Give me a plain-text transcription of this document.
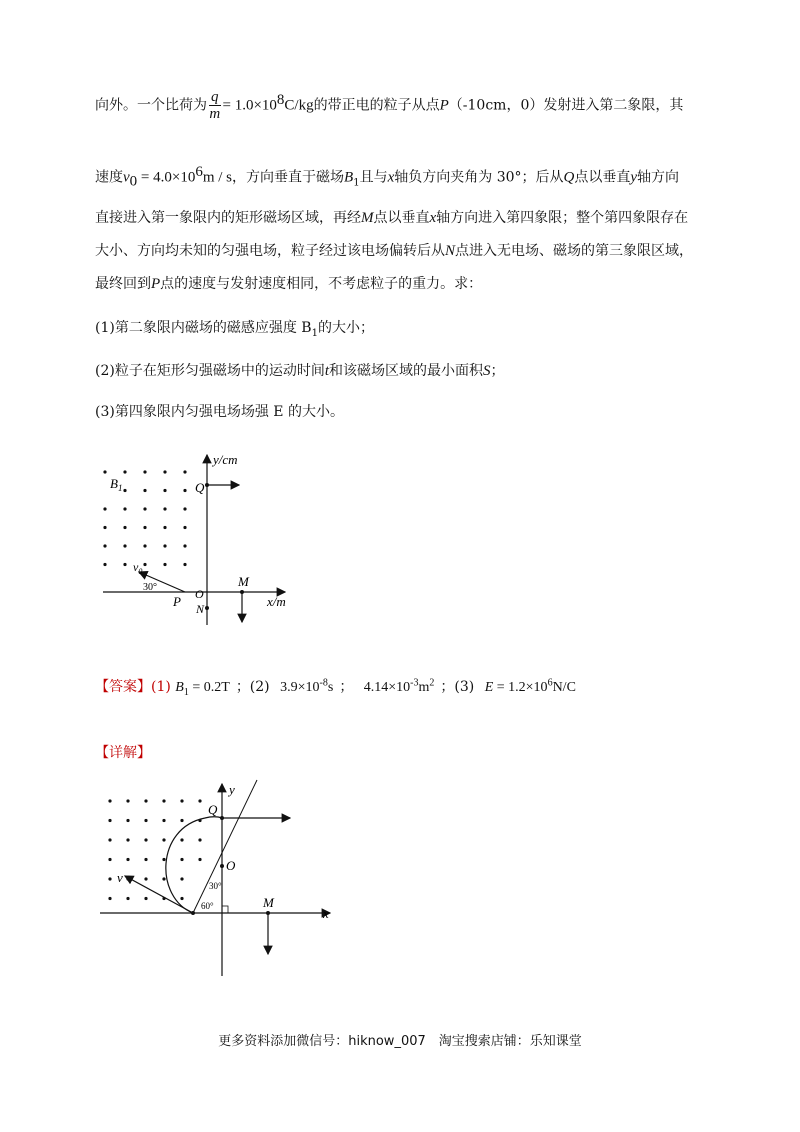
向外。一个比荷为 $\frac{q}{m} = 1.0\times 10^8C/kg$的带正电的粒子从点P（-10cm，0）发射进入第二象限，其
速度$v_0 = 4.0\times 10^6m / s$，方向垂直于磁场$B_1$且与x轴负方向夹角为 30°；后从Q点以垂直y轴方向
直接进入第一象限内的矩形磁场区域，再经M点以垂直x轴方向进入第四象限；整个第四象限存在
大小、方向均未知的匀强电场，粒子经过该电场偏转后从N点进入无电场、磁场的第三象限区域，
最终回到P点的速度与发射速度相同，不考虑粒子的重力。求：
(1)第二象限内磁场的磁感应强度 $B_1$的大小；
(2)粒子在矩形匀强磁场中的运动时间t和该磁场区域的最小面积S；
(3)第四象限内匀强电场场强 E 的大小。
y/cm
x/m
$B_1$	Q
$v_0$
30°
P O
N
M
【答案】(1) $B_1 = 0.2T$ ；(2) $3.9\times 10^{-8}s$ ； $4.14\times 10^{-3}m^2$ ；(3) $E = 1.2\times 10^6N/C$
【详解】
y
x
Q
O
v
30°
60°	M
更多资料添加微信号：hiknow_007　淘宝搜索店铺：乐知课堂
